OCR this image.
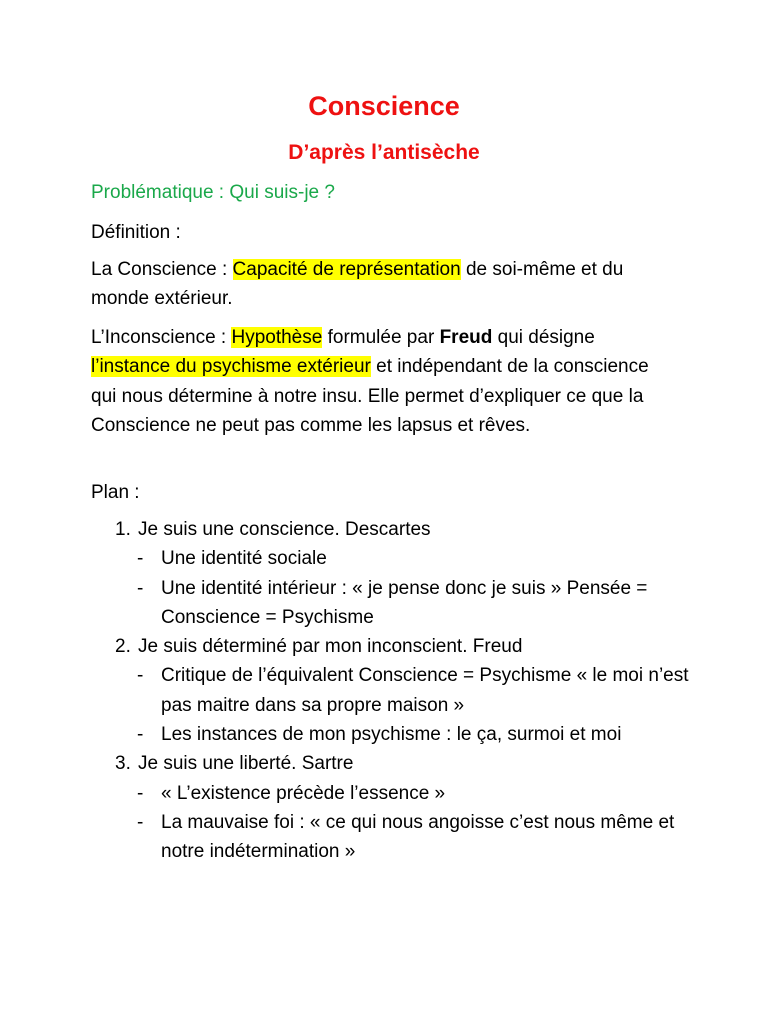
Conscience
D’après l’antisèche
Problématique : Qui suis-je ?
Définition :
La Conscience : Capacité de représentation de soi-même et du monde extérieur.
L’Inconscience : Hypothèse formulée par Freud qui désigne l’instance du psychisme extérieur et indépendant de la conscience qui nous détermine à notre insu. Elle permet d’expliquer ce que la Conscience ne peut pas comme les lapsus et rêves.
Plan :
1. Je suis une conscience. Descartes
- Une identité sociale
- Une identité intérieur : « je pense donc je suis » Pensée = Conscience = Psychisme
2. Je suis déterminé par mon inconscient. Freud
- Critique de l’équivalent Conscience = Psychisme « le moi n’est pas maitre dans sa propre maison »
- Les instances de mon psychisme : le ça, surmoi et moi
3. Je suis une liberté. Sartre
- « L’existence précède l’essence »
- La mauvaise foi : « ce qui nous angoisse c’est nous même et notre indétermination »
